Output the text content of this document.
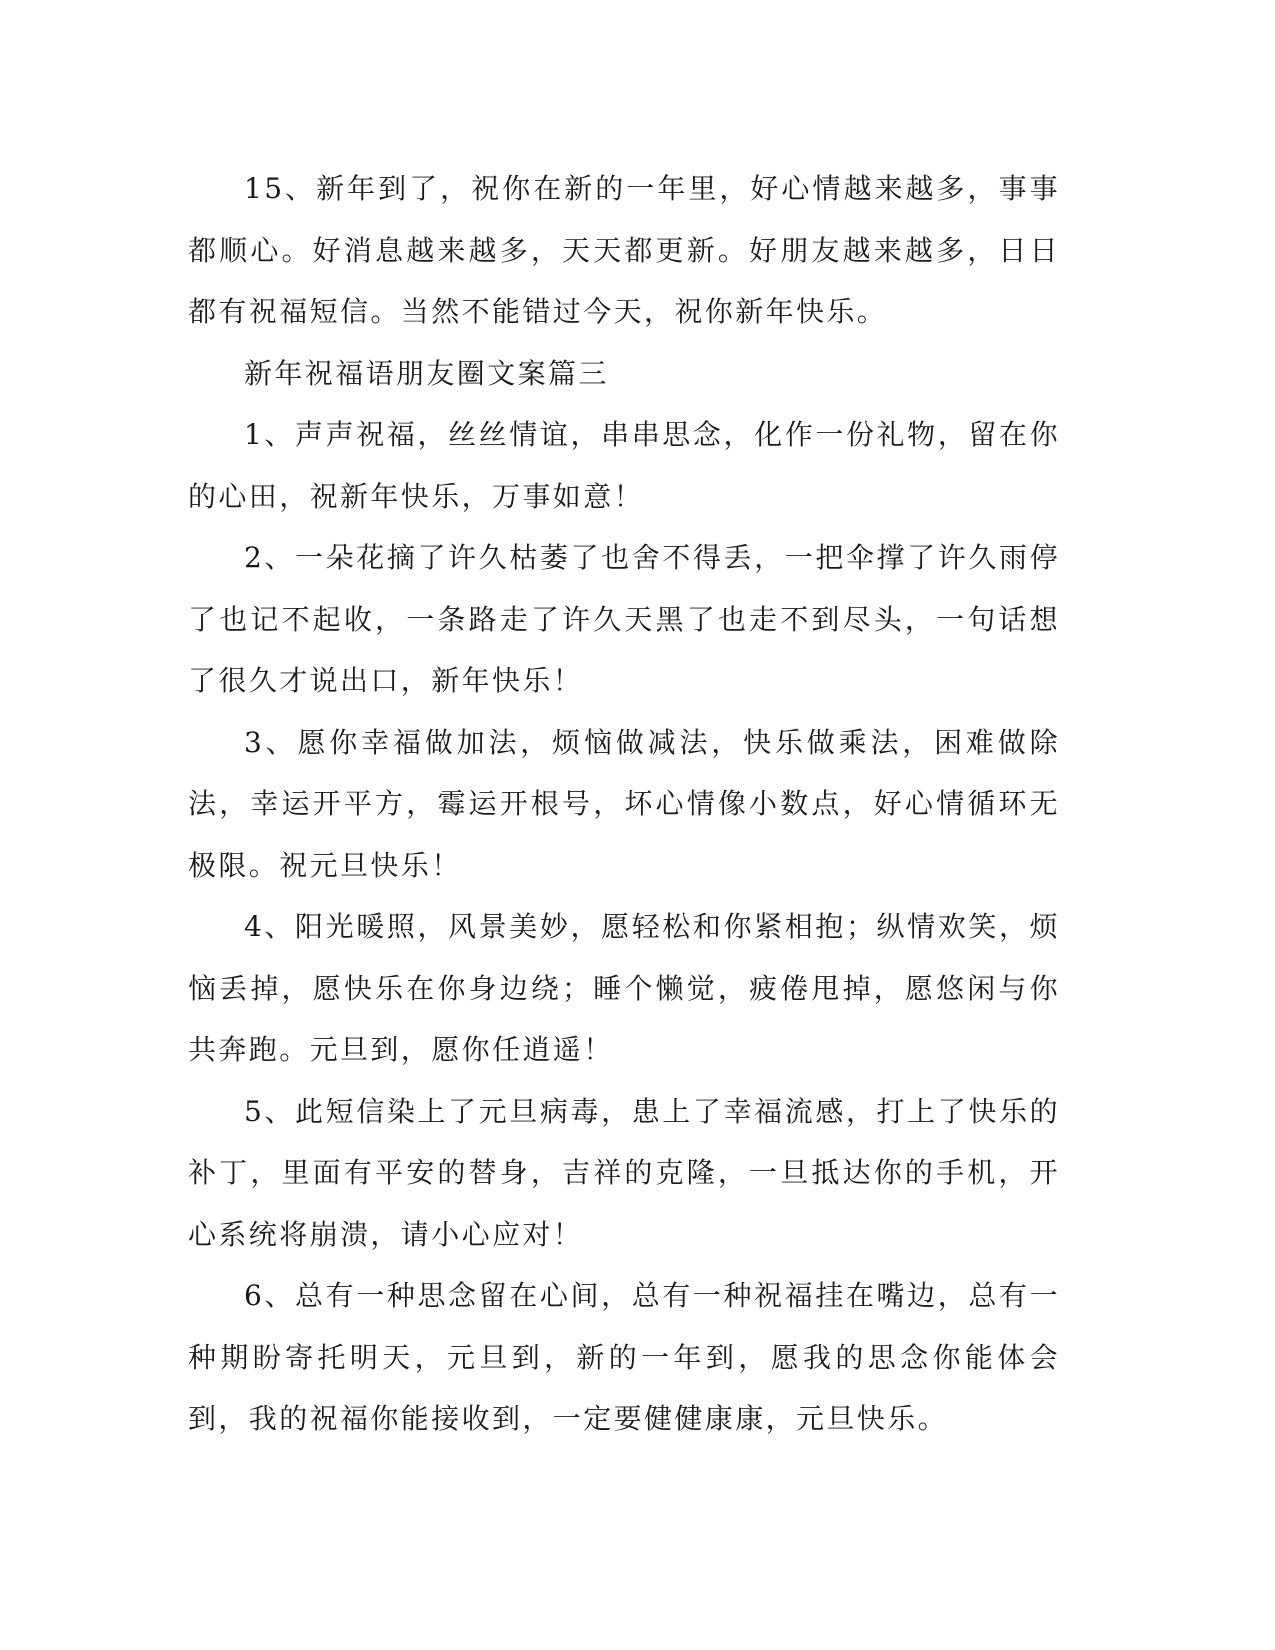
15、新年到了，祝你在新的一年里，好心情越来越多，事事都顺心。好消息越来越多，天天都更新。好朋友越来越多，日日都有祝福短信。当然不能错过今天，祝你新年快乐。

新年祝福语朋友圈文案篇三

1、声声祝福，丝丝情谊，串串思念，化作一份礼物，留在你的心田，祝新年快乐，万事如意！

2、一朵花摘了许久枯萎了也舍不得丢，一把伞撑了许久雨停了也记不起收，一条路走了许久天黑了也走不到尽头，一句话想了很久才说出口，新年快乐！

3、愿你幸福做加法，烦恼做减法，快乐做乘法，困难做除法，幸运开平方，霉运开根号，坏心情像小数点，好心情循环无极限。祝元旦快乐！

4、阳光暖照，风景美妙，愿轻松和你紧相抱；纵情欢笑，烦恼丢掉，愿快乐在你身边绕；睡个懒觉，疲倦甩掉，愿悠闲与你共奔跑。元旦到，愿你任逍遥！

5、此短信染上了元旦病毒，患上了幸福流感，打上了快乐的补丁，里面有平安的替身，吉祥的克隆，一旦抵达你的手机，开心系统将崩溃，请小心应对！

6、总有一种思念留在心间，总有一种祝福挂在嘴边，总有一种期盼寄托明天，元旦到，新的一年到，愿我的思念你能体会到，我的祝福你能接收到，一定要健健康康，元旦快乐。
